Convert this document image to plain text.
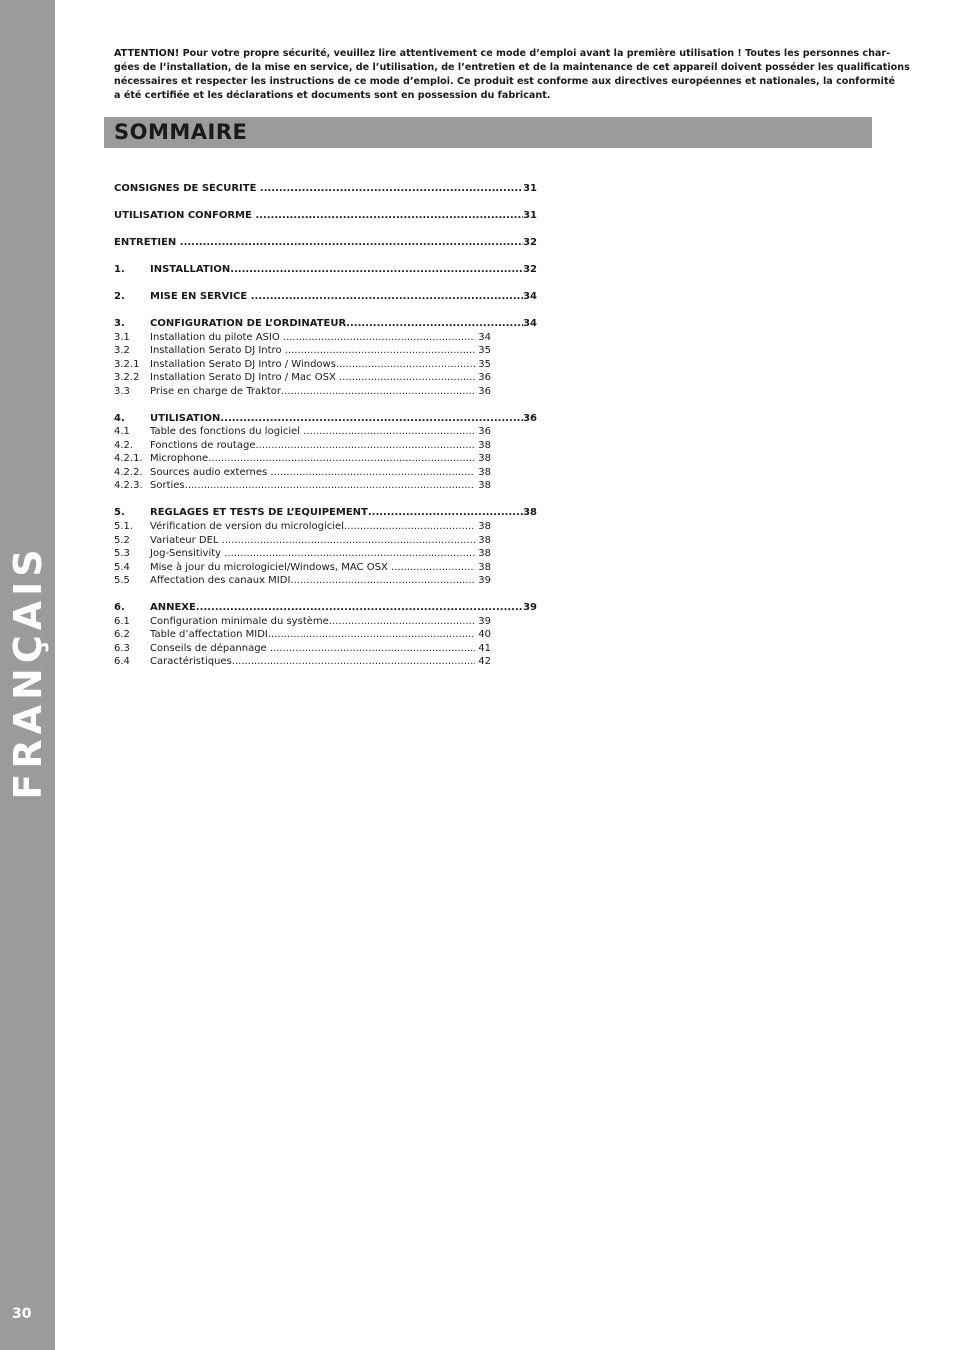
FRANÇAIS
30
ATTENTION! Pour votre propre sécurité, veuillez lire attentivement ce mode d’emploi avant la première utilisation ! Toutes les personnes char-
gées de l’installation, de la mise en service, de l’utilisation, de l’entretien et de la maintenance de cet appareil doivent posséder les qualifications
nécessaires et respecter les instructions de ce mode d’emploi. Ce produit est conforme aux directives européennes et nationales, la conformité
a été certifiée et les déclarations et documents sont en possession du fabricant.
SOMMAIRE
CONSIGNES DE SÉCURITÉ .....	31
UTILISATION CONFORME .....	31
ENTRETIEN .....	32
1.	INSTALLATION .....	32
2.	MISE EN SERVICE .....	34
3.	CONFIGURATION DE L’ORDINATEUR .....	34
3.1	Installation du pilote ASIO .....	34
3.2	Installation Serato DJ Intro .....	35
3.2.1	Installation Serato DJ Intro / Windows .....	35
3.2.2	Installation Serato DJ Intro / Mac OSX .....	36
3.3	Prise en charge de Traktor .....	36
4.	UTILISATION .....	36
4.1	Table des fonctions du logiciel .....	36
4.2.	Fonctions de routage .....	38
4.2.1. Microphone .....	38
4.2.2. Sources audio externes .....	38
4.2.3. Sorties .....	38
5.	RÉGLAGES ET TESTS DE L’ÉQUIPEMENT .....	38
5.1.	Vérification de version du micrologiciel .....	38
5.2	Variateur DEL .....	38
5.3	Jog-Sensitivity .....	38
5.4	Mise à jour du micrologiciel/Windows, MAC OSX .....	38
5.5	Affectation des canaux MIDI .....	39
6.	ANNEXE .....	39
6.1	Configuration minimale du système .....	39
6.2	Table d’affectation MIDI .....	40
6.3	Conseils de dépannage .....	41
6.4	Caractéristiques .....	42
